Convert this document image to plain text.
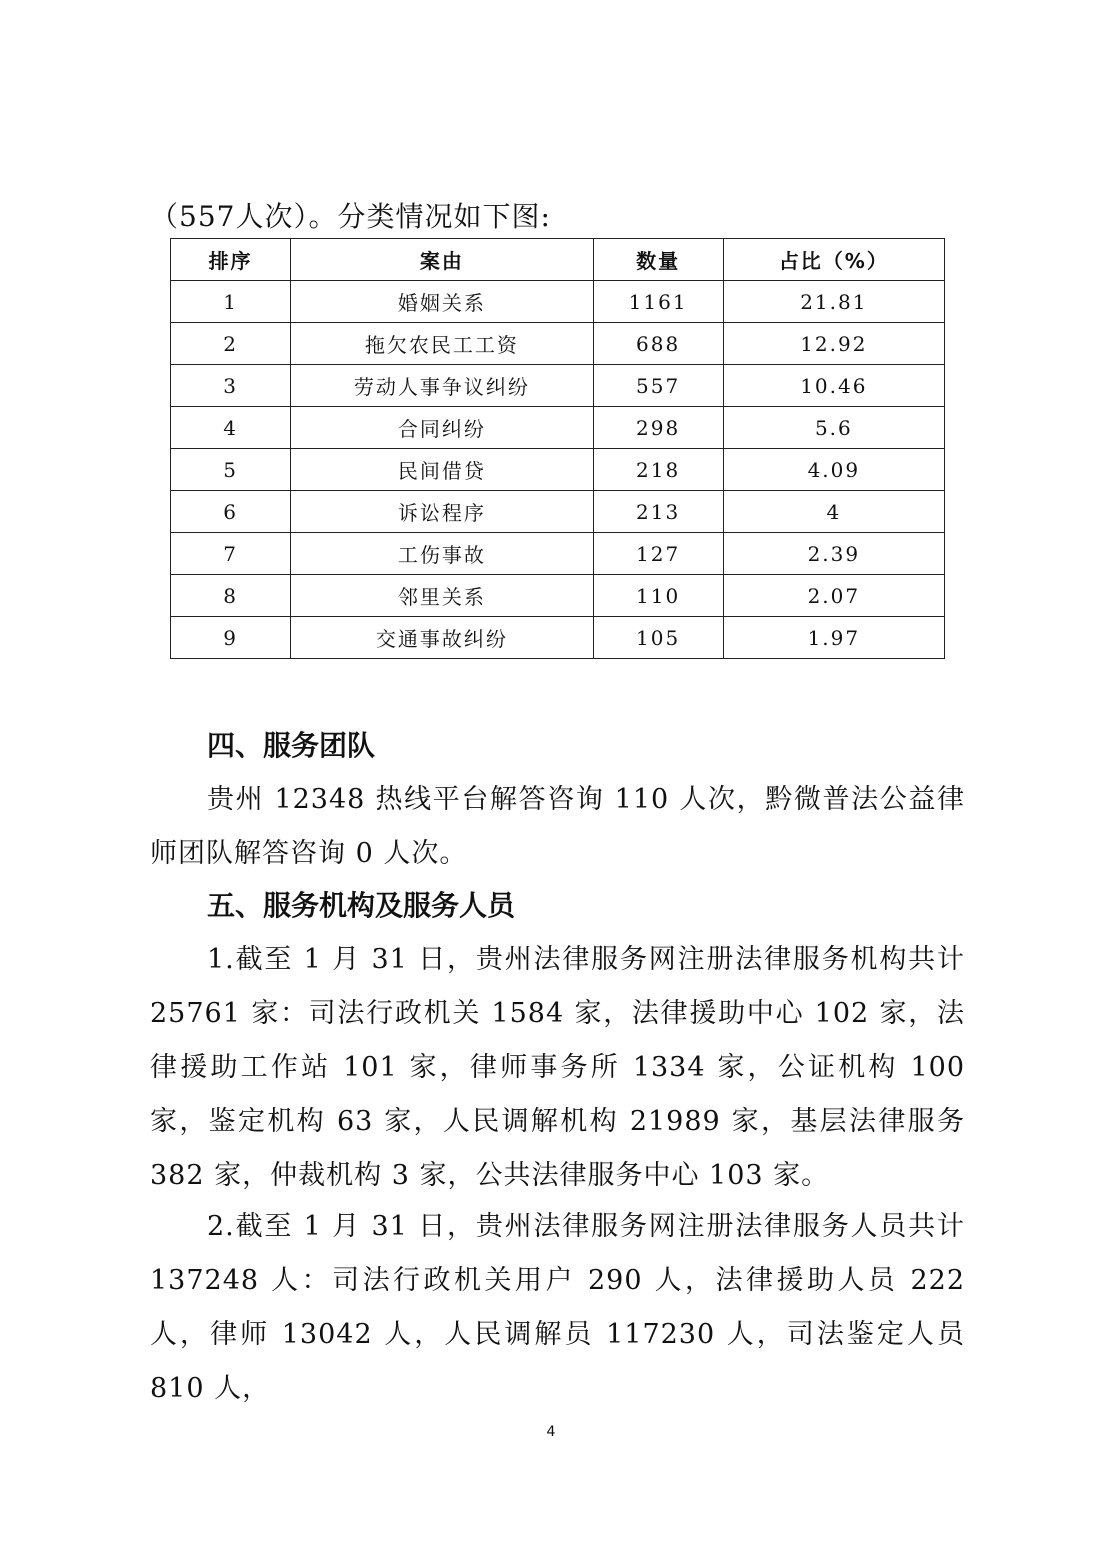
（557人次）。分类情况如下图:
排序	案由	数量	占比（%）
1	婚姻关系	1161	21.81
2	拖欠农民工工资	688	12.92
3	劳动人事争议纠纷	557	10.46
4	合同纠纷	298	5.6
5	民间借贷	218	4.09
6	诉讼程序	213	4
7	工伤事故	127	2.39
8	邻里关系	110	2.07
9	交通事故纠纷	105	1.97
四、服务团队

贵州 12348 热线平台解答咨询 110 人次，黔微普法公益律师团队解答咨询 0 人次。

五、服务机构及服务人员

1.截至 1 月 31 日，贵州法律服务网注册法律服务机构共计 25761 家：司法行政机关 1584 家，法律援助中心 102 家，法律援助工作站 101 家，律师事务所 1334 家，公证机构 100 家，鉴定机构 63 家，人民调解机构 21989 家，基层法律服务 382 家，仲裁机构 3 家，公共法律服务中心 103 家。

2.截至 1 月 31 日，贵州法律服务网注册法律服务人员共计 137248 人：司法行政机关用户 290 人，法律援助人员 222 人，律师 13042 人，人民调解员 117230 人，司法鉴定人员 810 人，

4
